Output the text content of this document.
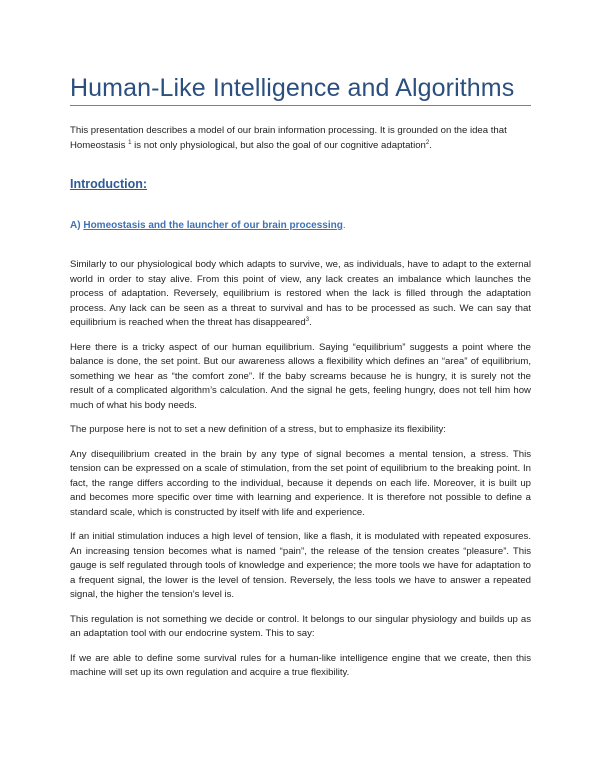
Human-Like Intelligence and Algorithms
This presentation describes a model of our brain information processing. It is grounded on the idea that Homeostasis $^1$ is not only physiological, but also the goal of our cognitive adaptation$^2$.
Introduction:
A) Homeostasis and the launcher of our brain processing.

Similarly to our physiological body which adapts to survive, we, as individuals, have to adapt to the external world in order to stay alive. From this point of view, any lack creates an imbalance which launches the process of adaptation. Reversely, equilibrium is restored when the lack is filled through the adaptation process. Any lack can be seen as a threat to survival and has to be processed as such. We can say that equilibrium is reached when the threat has disappeared$^3$.

Here there is a tricky aspect of our human equilibrium. Saying “equilibrium” suggests a point where the balance is done, the set point. But our awareness allows a flexibility which defines an “area” of equilibrium, something we hear as “the comfort zone”. If the baby screams because he is hungry, it is surely not the result of a complicated algorithm’s calculation. And the signal he gets, feeling hungry, does not tell him how much of what his body needs.

The purpose here is not to set a new definition of a stress, but to emphasize its flexibility:

Any disequilibrium created in the brain by any type of signal becomes a mental tension, a stress. This tension can be expressed on a scale of stimulation, from the set point of equilibrium to the breaking point. In fact, the range differs according to the individual, because it depends on each life. Moreover, it is built up and becomes more specific over time with learning and experience. It is therefore not possible to define a standard scale, which is constructed by itself with life and experience.

If an initial stimulation induces a high level of tension, like a flash, it is modulated with repeated exposures. An increasing tension becomes what is named “pain”, the release of the tension creates “pleasure”. This gauge is self regulated through tools of knowledge and experience; the more tools we have for adaptation to a frequent signal, the lower is the level of tension. Reversely, the less tools we have to answer a repeated signal, the higher the tension’s level is.

This regulation is not something we decide or control. It belongs to our singular physiology and builds up as an adaptation tool with our endocrine system. This to say:

If we are able to define some survival rules for a human-like intelligence engine that we create, then this machine will set up its own regulation and acquire a true flexibility.
